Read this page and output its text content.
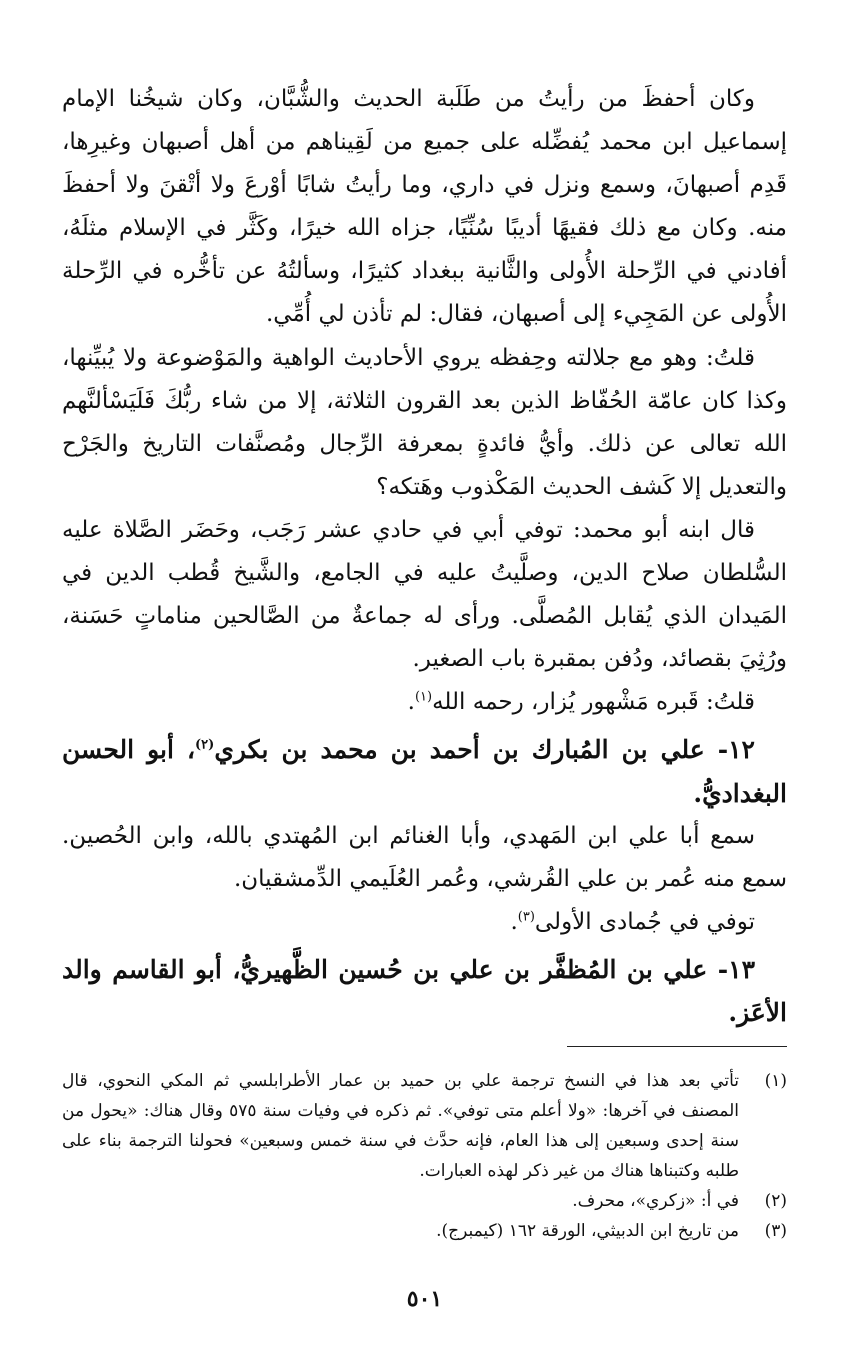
وكان أحفظَ من رأيتُ من طَلَبة الحديث والشُّبَّان، وكان شيخُنا الإمام إسماعيل ابن محمد يُفضِّله على جميع من لَقِيناهم من أهل أصبهان وغيرِها، قَدِم أصبهانَ، وسمع ونزل في داري، وما رأيتُ شابًا أوْرعَ ولا أتْقنَ ولا أحفظَ منه. وكان مع ذلك فقيهًا أديبًا سُنِّيًا، جزاه الله خيرًا، وكَثَّر في الإسلام مثلَهُ، أفادني في الرِّحلة الأُولى والثَّانية ببغداد كثيرًا، وسألتُهُ عن تأخُّره في الرِّحلة الأُولى عن المَجِيء إلى أصبهان، فقال: لم تأذن لي أُمِّي.

قلتُ: وهو مع جلالته وحِفظه يروي الأحاديث الواهية والمَوْضوعة ولا يُبيِّنها، وكذا كان عامّة الحُفّاظ الذين بعد القرون الثلاثة، إلا من شاء ربُّكَ فَلَيَسْألنَّهم الله تعالى عن ذلك. وأيُّ فائدةٍ بمعرفة الرِّجال ومُصنَّفات التاريخ والجَرْح والتعديل إلا كَشف الحديث المَكْذوب وهَتكه؟

قال ابنه أبو محمد: توفي أبي في حادي عشر رَجَب، وحَضَر الصَّلاة عليه السُّلطان صلاح الدين، وصلَّيتُ عليه في الجامع، والشَّيخ قُطب الدين في المَيدان الذي يُقابل المُصلَّى. ورأى له جماعةٌ من الصَّالحين مناماتٍ حَسَنة، ورُثِيَ بقصائد، ودُفن بمقبرة باب الصغير.

قلتُ: قَبره مَشْهور يُزار، رحمه الله$^{(١)}$.

١٢- علي بن المُبارك بن أحمد بن محمد بن بكري$^{(٢)}$، أبو الحسن البغداديُّ.

سمع أبا علي ابن المَهدي، وأبا الغنائم ابن المُهتدي بالله، وابن الحُصين. سمع منه عُمر بن علي القُرشي، وعُمر العُلَيمي الدِّمشقيان.

توفي في جُمادى الأولى$^{(٣)}$.

١٣- علي بن المُظفَّر بن علي بن حُسين الظَّهيريُّ، أبو القاسم والد الأعَز.

(١)
تأتي بعد هذا في النسخ ترجمة علي بن حميد بن عمار الأطرابلسي ثم المكي النحوي، قال المصنف في آخرها: «ولا أعلم متى توفي». ثم ذكره في وفيات سنة ٥٧٥ وقال هناك: «يحول من سنة إحدى وسبعين إلى هذا العام، فإنه حدَّث في سنة خمس وسبعين» فحولنا الترجمة بناء على طلبه وكتبناها هناك من غير ذكر لهذه العبارات.
(٢)
في أ: «زكري»، محرف.
(٣)
من تاريخ ابن الدبيثي، الورقة ١٦٢ (كيمبرج).
٥٠١
